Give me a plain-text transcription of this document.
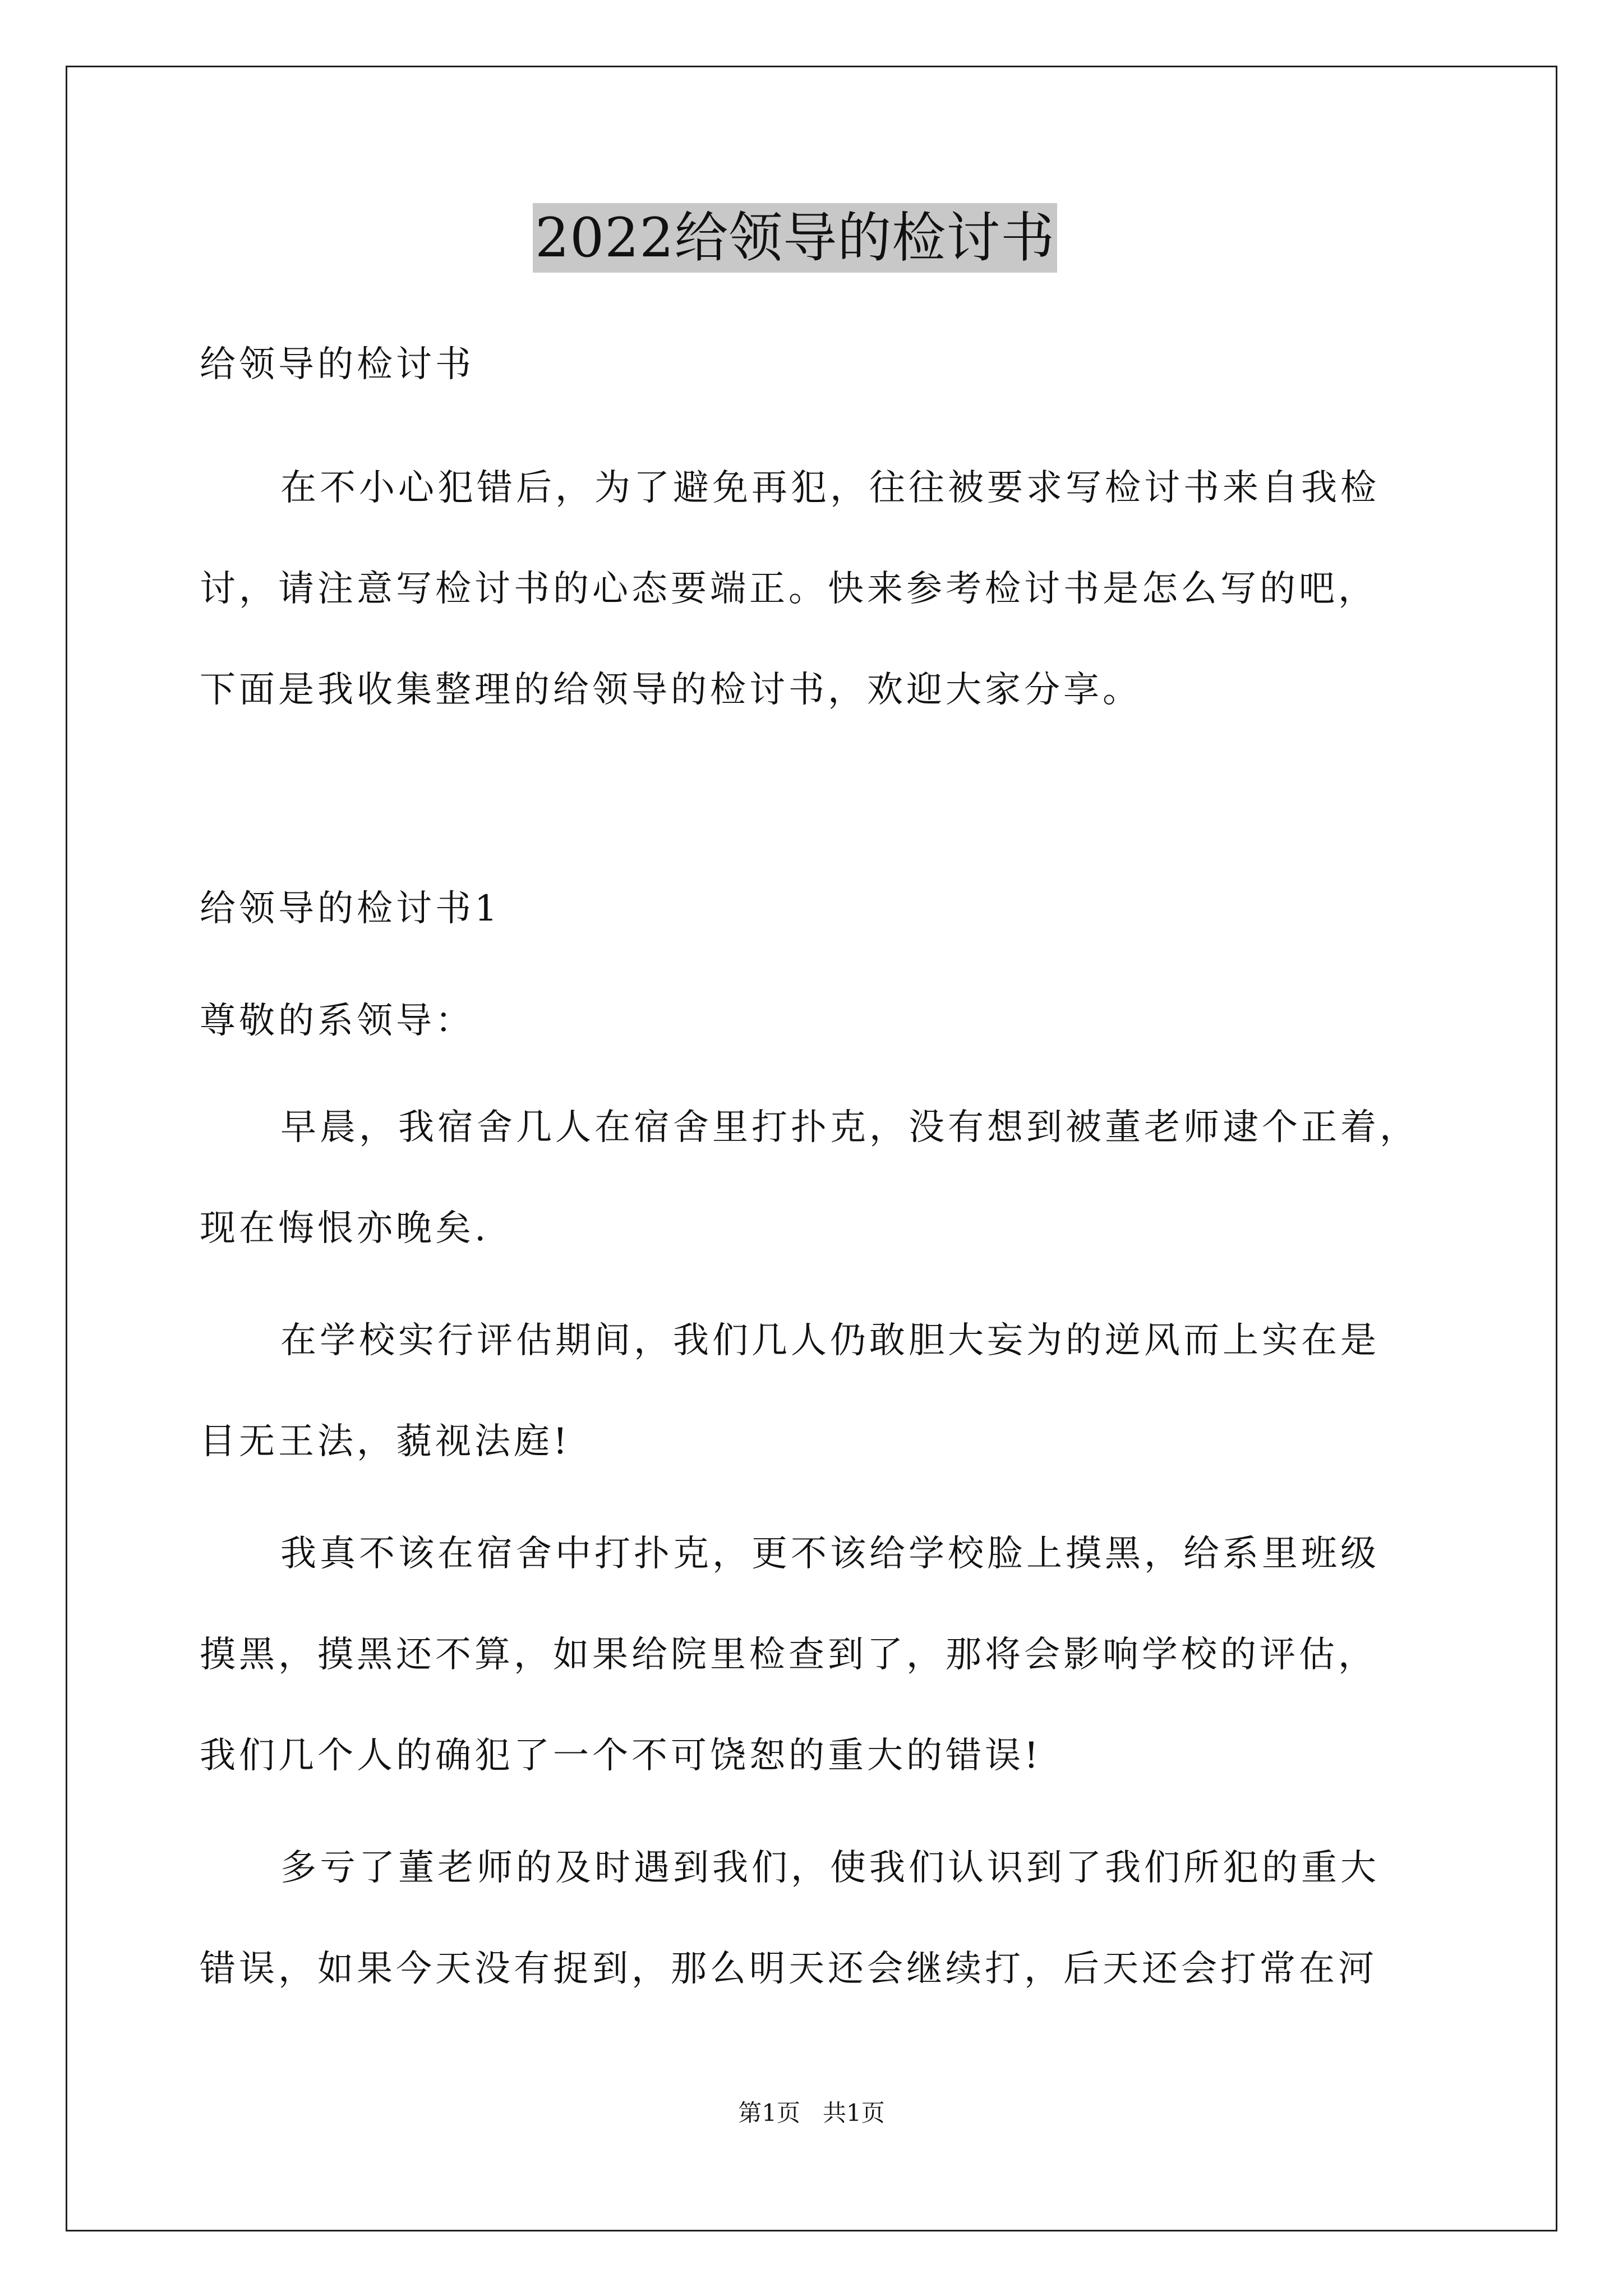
2022给领导的检讨书
给领导的检讨书
在不小心犯错后，为了避免再犯，往往被要求写检讨书来自我检
讨，请注意写检讨书的心态要端正。快来参考检讨书是怎么写的吧，
下面是我收集整理的给领导的检讨书，欢迎大家分享。
给领导的检讨书1
尊敬的系领导：
早晨，我宿舍几人在宿舍里打扑克，没有想到被董老师逮个正着，
现在悔恨亦晚矣.
在学校实行评估期间，我们几人仍敢胆大妄为的逆风而上实在是
目无王法，藐视法庭!
我真不该在宿舍中打扑克，更不该给学校脸上摸黑，给系里班级
摸黑，摸黑还不算，如果给院里检查到了，那将会影响学校的评估，
我们几个人的确犯了一个不可饶恕的重大的错误!
多亏了董老师的及时遇到我们，使我们认识到了我们所犯的重大
错误，如果今天没有捉到，那么明天还会继续打，后天还会打常在河
第1页   共1页
